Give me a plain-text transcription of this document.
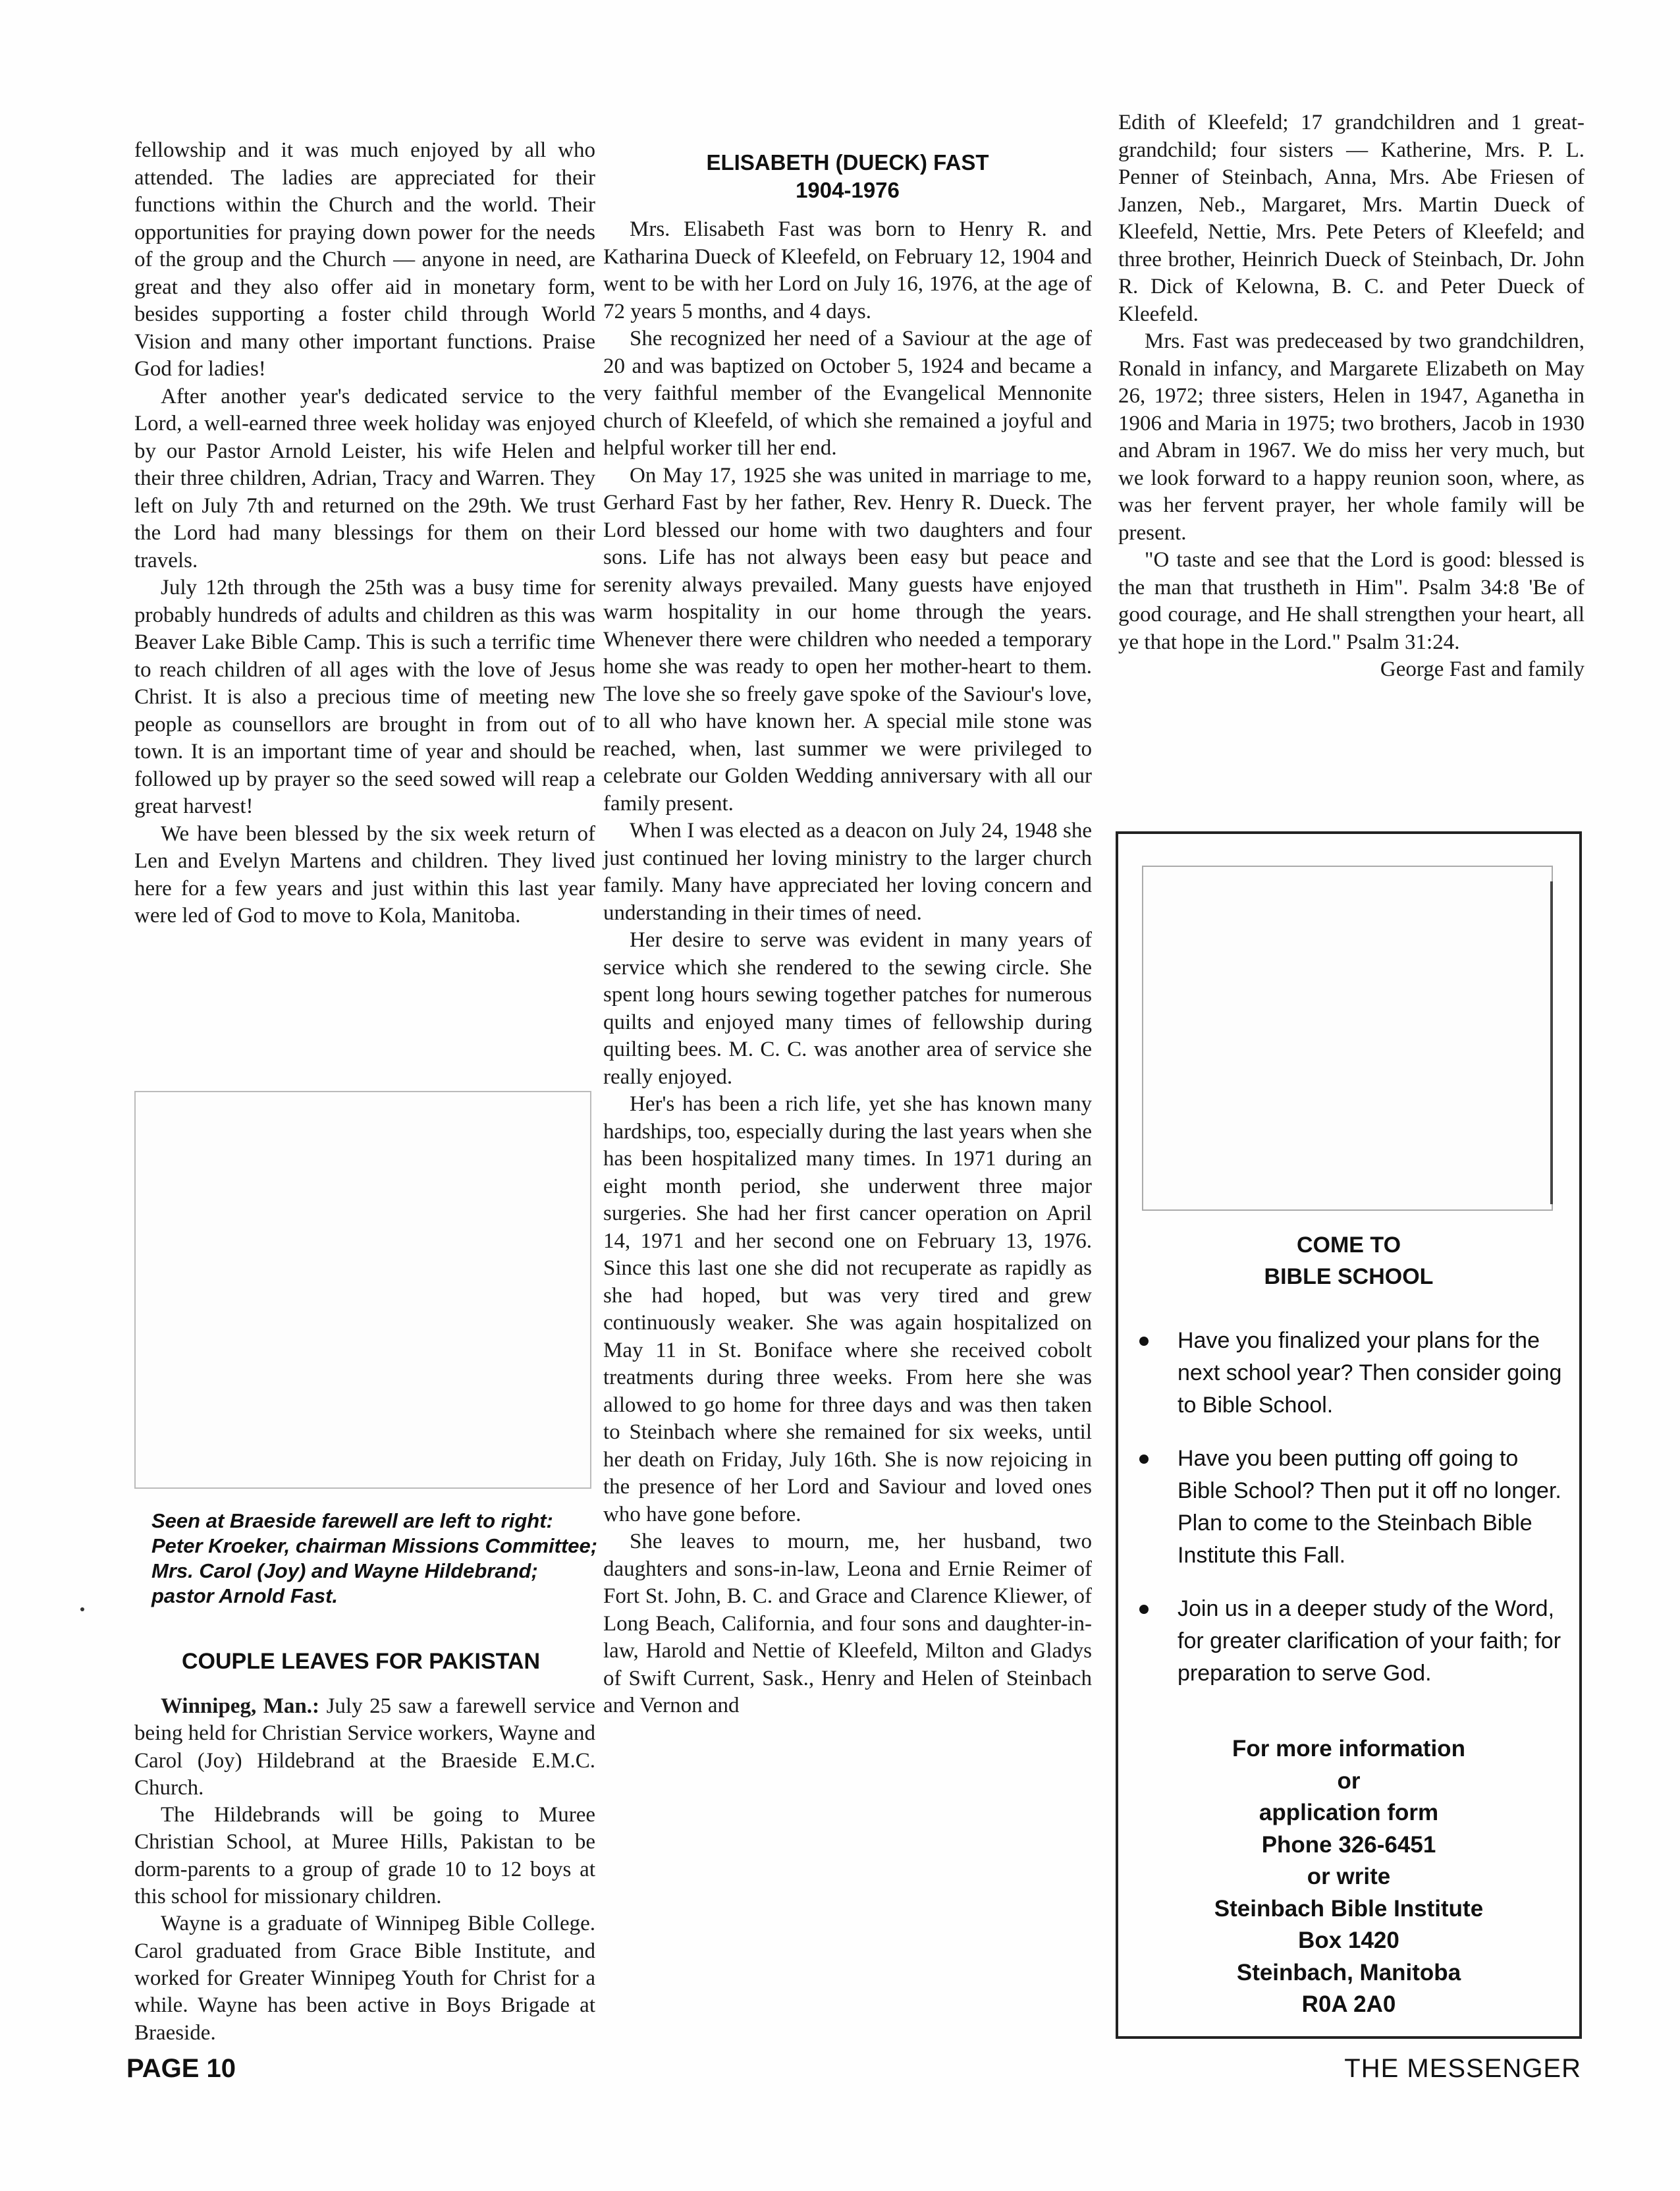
fellowship and it was much enjoyed by all who attended. The ladies are appreciated for their functions within the Church and the world. Their opportunities for praying down power for the needs of the group and the Church — anyone in need, are great and they also offer aid in monetary form, besides supporting a foster child through World Vision and many other important functions. Praise God for ladies!

After another year's dedicated service to the Lord, a well-earned three week holiday was enjoyed by our Pastor Arnold Leister, his wife Helen and their three children, Adrian, Tracy and Warren. They left on July 7th and returned on the 29th. We trust the Lord had many blessings for them on their travels.

July 12th through the 25th was a busy time for probably hundreds of adults and children as this was Beaver Lake Bible Camp. This is such a terrific time to reach children of all ages with the love of Jesus Christ. It is also a precious time of meeting new people as counsellors are brought in from out of town. It is an important time of year and should be followed up by prayer so the seed sowed will reap a great harvest!

We have been blessed by the six week return of Len and Evelyn Martens and children. They lived here for a few years and just within this last year were led of God to move to Kola, Manitoba.

Seen at Braeside farewell are left to right: Peter Kroeker, chairman Missions Committee; Mrs. Carol (Joy) and Wayne Hildebrand; pastor Arnold Fast.
COUPLE LEAVES FOR PAKISTAN

Winnipeg, Man.: July 25 saw a farewell service being held for Christian Service workers, Wayne and Carol (Joy) Hildebrand at the Braeside E.M.C. Church.

The Hildebrands will be going to Muree Christian School, at Muree Hills, Pakistan to be dorm-parents to a group of grade 10 to 12 boys at this school for missionary children.

Wayne is a graduate of Winnipeg Bible College. Carol graduated from Grace Bible Institute, and worked for Greater Winnipeg Youth for Christ for a while. Wayne has been active in Boys Brigade at Braeside.

ELISABETH (DUECK) FAST
1904-1976

Mrs. Elisabeth Fast was born to Henry R. and Katharina Dueck of Kleefeld, on February 12, 1904 and went to be with her Lord on July 16, 1976, at the age of 72 years 5 months, and 4 days.

She recognized her need of a Saviour at the age of 20 and was baptized on October 5, 1924 and became a very faithful member of the Evangelical Mennonite church of Kleefeld, of which she remained a joyful and helpful worker till her end.

On May 17, 1925 she was united in marriage to me, Gerhard Fast by her father, Rev. Henry R. Dueck. The Lord blessed our home with two daughters and four sons. Life has not always been easy but peace and serenity always prevailed. Many guests have enjoyed warm hospitality in our home through the years. Whenever there were children who needed a temporary home she was ready to open her mother-heart to them. The love she so freely gave spoke of the Saviour's love, to all who have known her. A special mile stone was reached, when, last summer we were privileged to celebrate our Golden Wedding anniversary with all our family present.

When I was elected as a deacon on July 24, 1948 she just continued her loving ministry to the larger church family. Many have appreciated her loving concern and understanding in their times of need.

Her desire to serve was evident in many years of service which she rendered to the sewing circle. She spent long hours sewing together patches for numerous quilts and enjoyed many times of fellowship during quilting bees. M. C. C. was another area of service she really enjoyed.

Her's has been a rich life, yet she has known many hardships, too, especially during the last years when she has been hospitalized many times. In 1971 during an eight month period, she underwent three major surgeries. She had her first cancer operation on April 14, 1971 and her second one on February 13, 1976. Since this last one she did not recuperate as rapidly as she had hoped, but was very tired and grew continuously weaker. She was again hospitalized on May 11 in St. Boniface where she received cobolt treatments during three weeks. From here she was allowed to go home for three days and was then taken to Steinbach where she remained for six weeks, until her death on Friday, July 16th. She is now rejoicing in the presence of her Lord and Saviour and loved ones who have gone before.

She leaves to mourn, me, her husband, two daughters and sons-in-law, Leona and Ernie Reimer of Fort St. John, B. C. and Grace and Clarence Kliewer, of Long Beach, California, and four sons and daughter-in-law, Harold and Nettie of Kleefeld, Milton and Gladys of Swift Current, Sask., Henry and Helen of Steinbach and Vernon and

Edith of Kleefeld; 17 grandchildren and 1 great-grandchild; four sisters — Katherine, Mrs. P. L. Penner of Steinbach, Anna, Mrs. Abe Friesen of Janzen, Neb., Margaret, Mrs. Martin Dueck of Kleefeld, Nettie, Mrs. Pete Peters of Kleefeld; and three brother, Heinrich Dueck of Steinbach, Dr. John R. Dick of Kelowna, B. C. and Peter Dueck of Kleefeld.

Mrs. Fast was predeceased by two grandchildren, Ronald in infancy, and Margarete Elizabeth on May 26, 1972; three sisters, Helen in 1947, Aganetha in 1906 and Maria in 1975; two brothers, Jacob in 1930 and Abram in 1967. We do miss her very much, but we look forward to a happy reunion soon, where, as was her fervent prayer, her whole family will be present.

"O taste and see that the Lord is good: blessed is the man that trustheth in Him". Psalm 34:8 'Be of good courage, and He shall strengthen your heart, all ye that hope in the Lord." Psalm 31:24.

George Fast and family

COME TO
BIBLE SCHOOL
Have you finalized your plans for the next school year? Then consider going to Bible School.
Have you been putting off going to Bible School? Then put it off no longer. Plan to come to the Steinbach Bible Institute this Fall.
Join us in a deeper study of the Word, for greater clarification of your faith; for preparation to serve God.
For more information
or
application form
Phone 326-6451
or write
Steinbach Bible Institute
Box 1420
Steinbach, Manitoba
R0A 2A0
PAGE 10	THE MESSENGER
